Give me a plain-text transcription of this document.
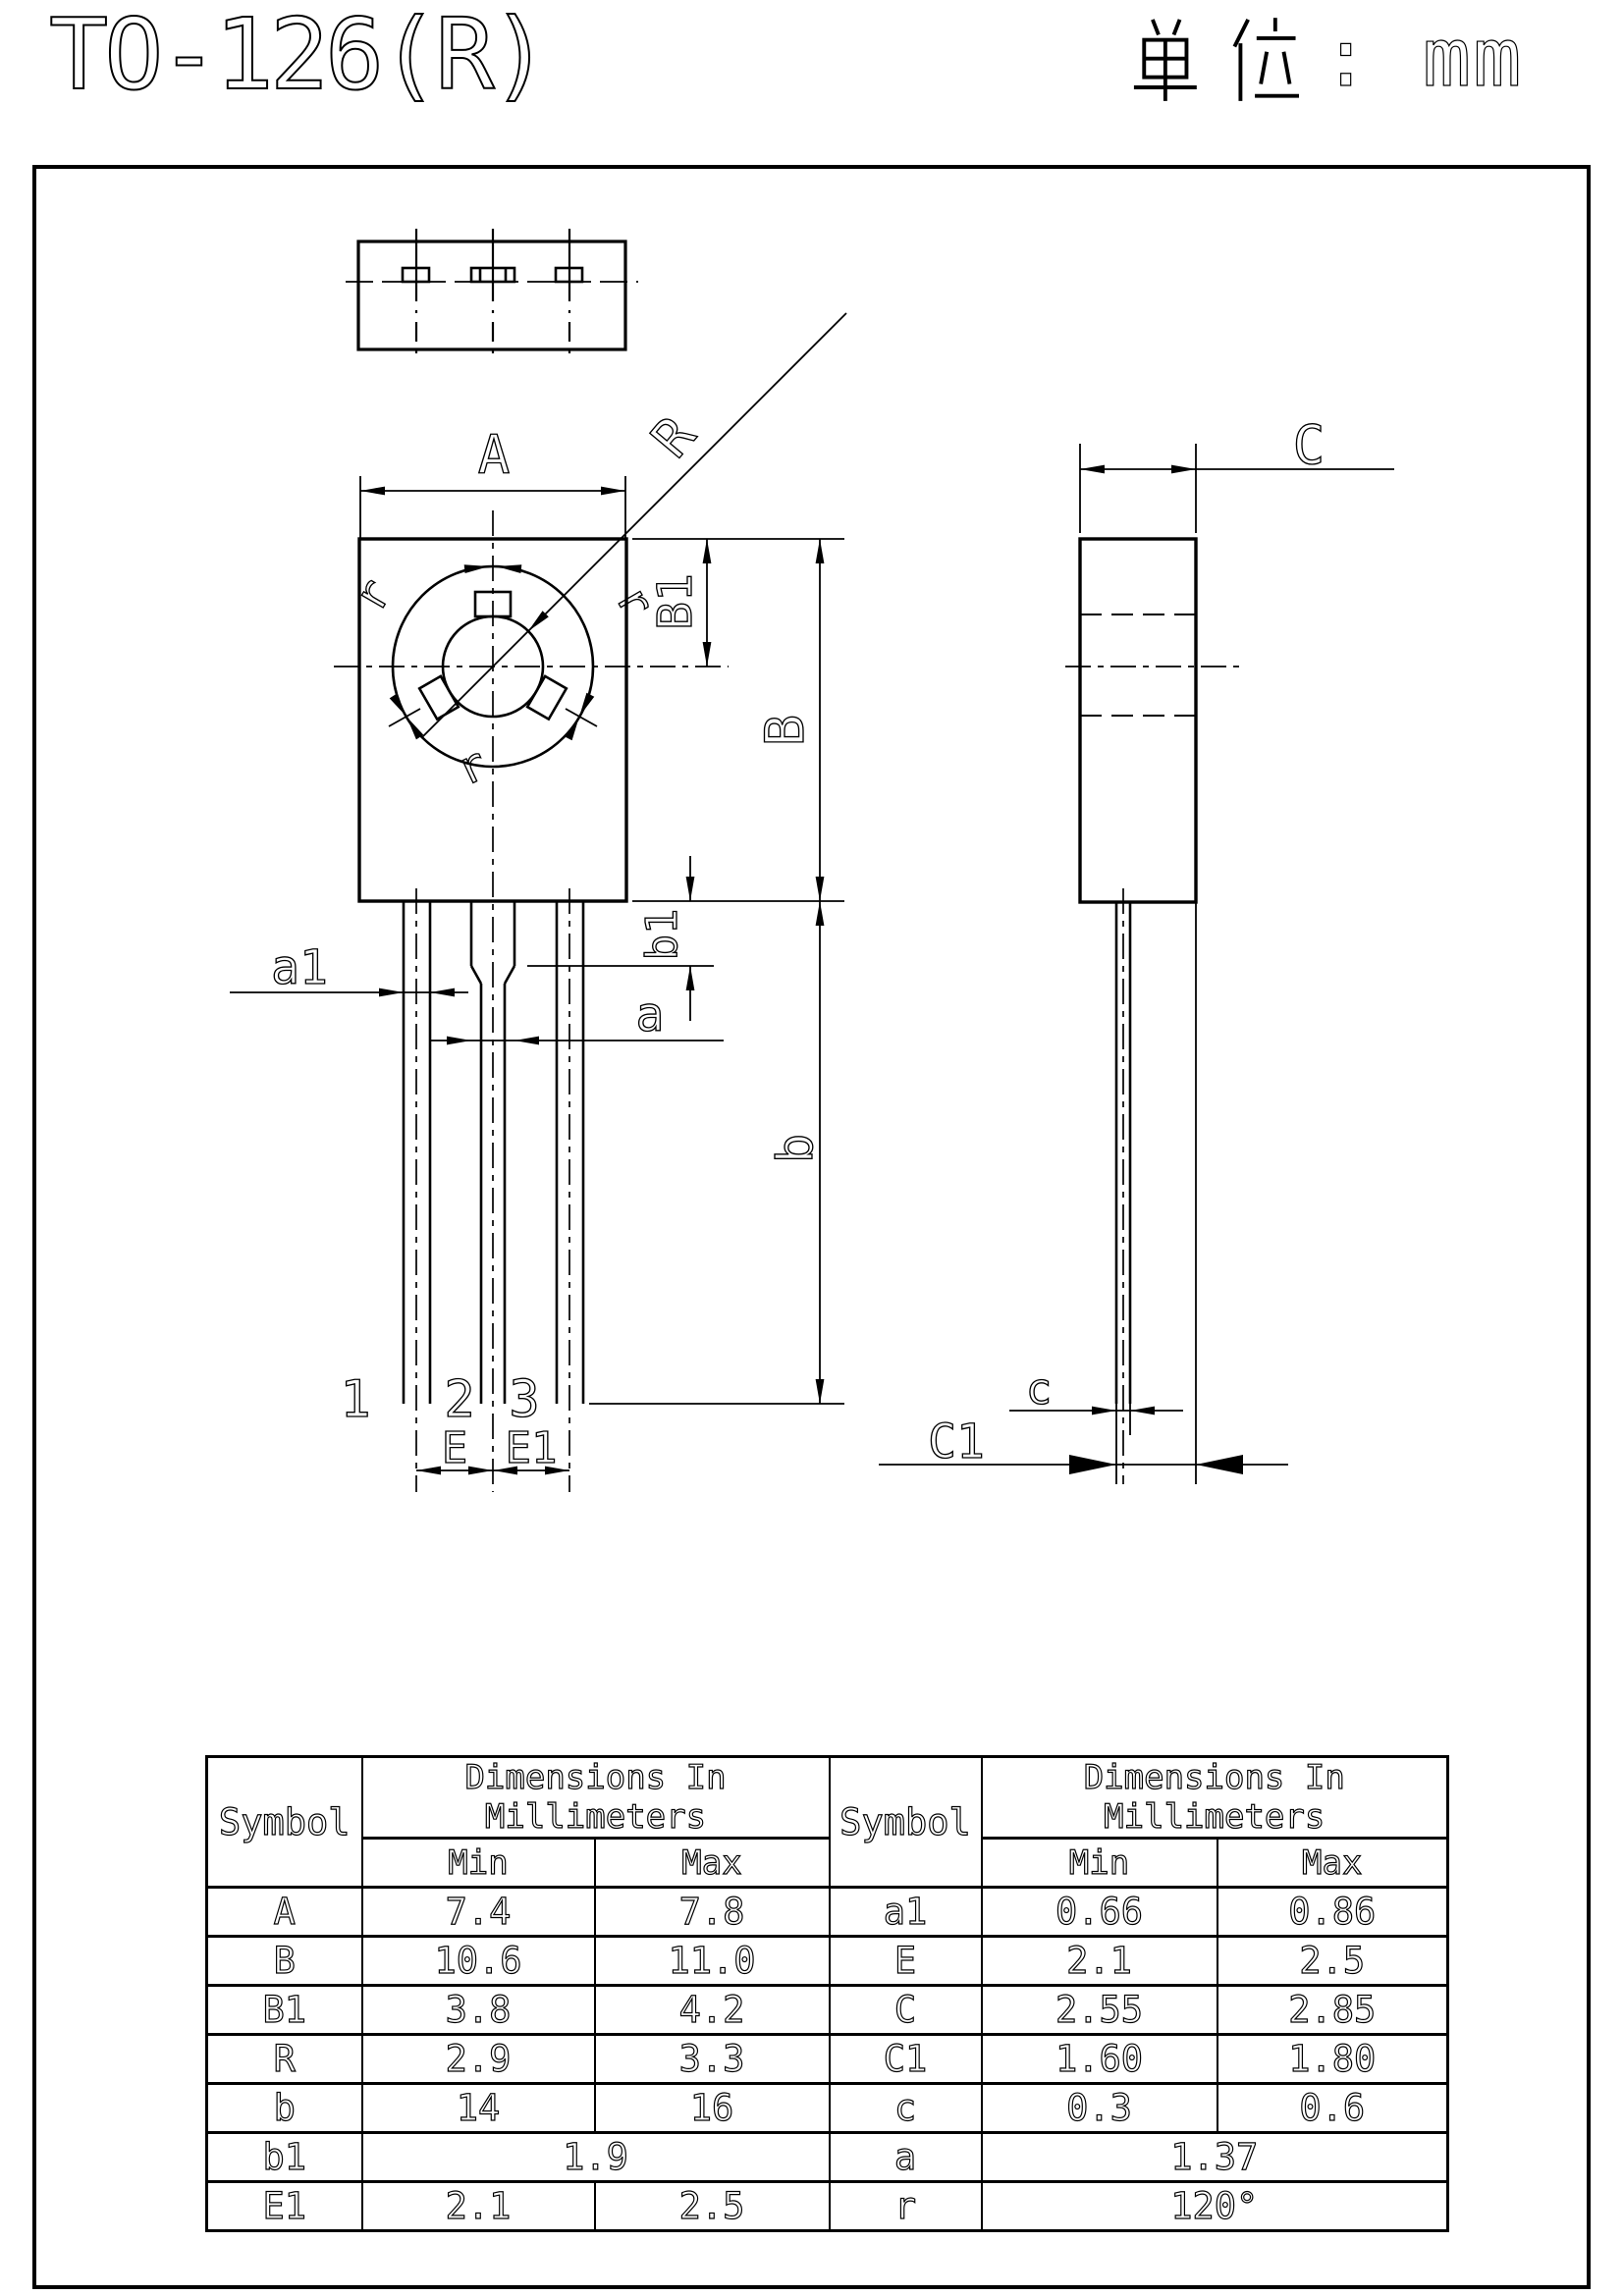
TO-126(R)	: mm
A R
B1
B
b1
b
a1
a
E E1
1 2 3
C
c
C1
r	r
r
Symbol	Dimensions In Millimeters		Symbol	Dimensions In Millimeters	
	Min	Max		Min	Max
A	7.4	7.8	a1	0.66	0.86
B	10.6	11.0	E	2.1	2.5
B1	3.8	4.2	C	2.55	2.85
R	2.9	3.3	C1	1.60	1.80
b	14	16	c	0.3	0.6
b1	1.9		a	1.37	
E1	2.1	2.5	r	120°	
